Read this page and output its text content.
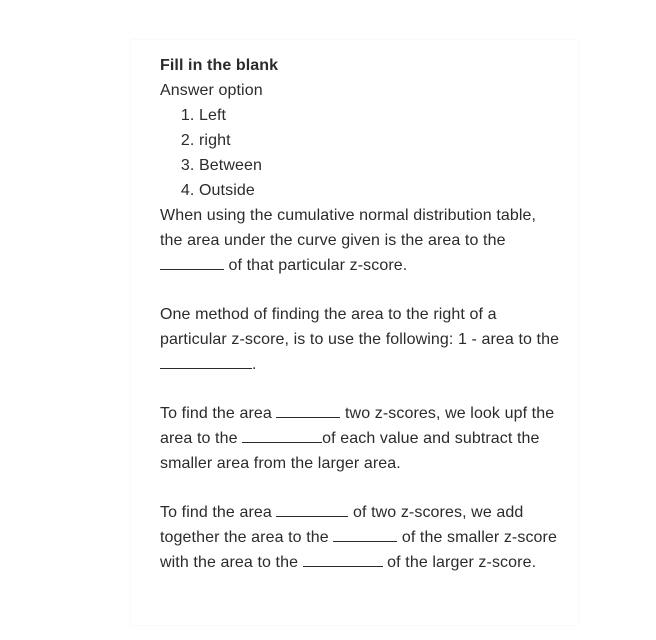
Fill in the blank
Answer option
1. Left
2. right
3. Between
4. Outside

When using the cumulative normal distribution table, the area under the curve given is the area to the  of that particular z-score.

One method of finding the area to the right of a particular z-score, is to use the following: 1 - area to the .

To find the area	two z-scores, we look upf the area to the	of each value and subtract the smaller area from the larger area.

To find the area	of two z-scores, we add together the area to the	of the smaller z-score with the area to the	of the larger z-score.
